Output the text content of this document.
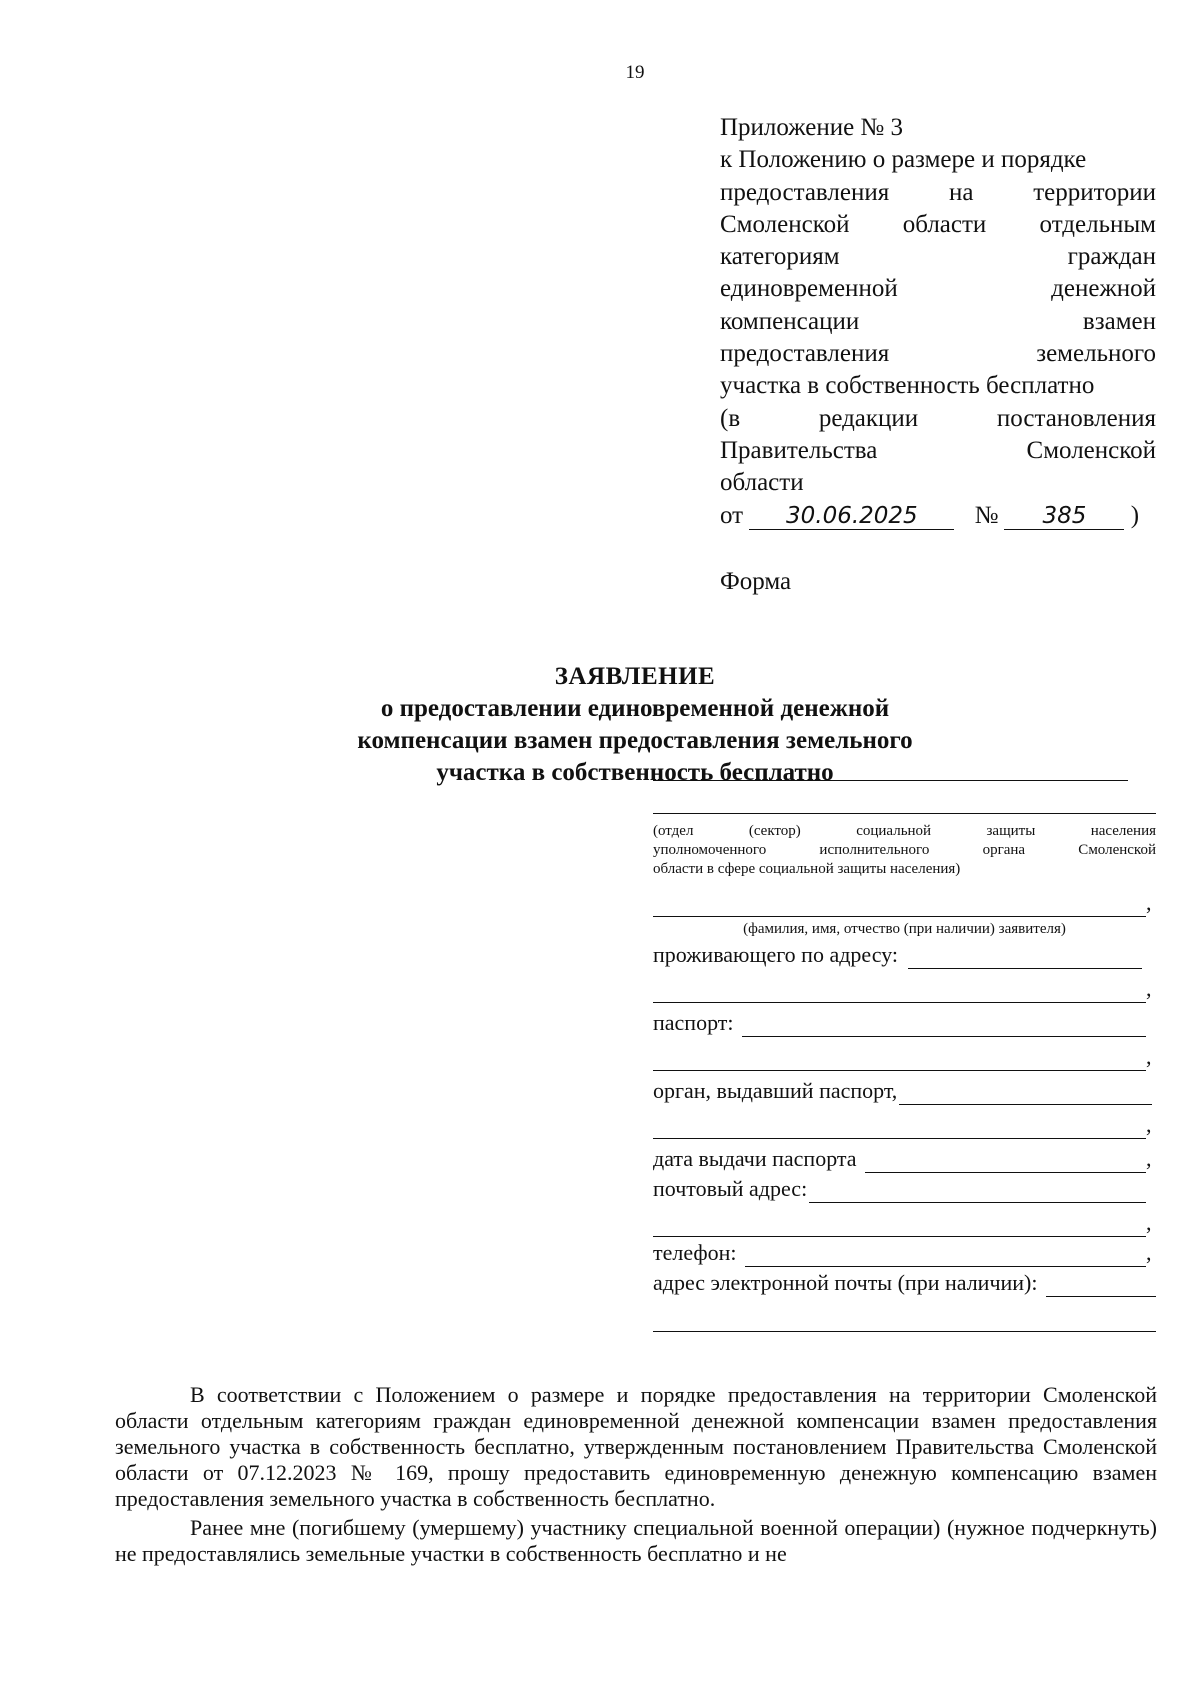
19
Приложение № 3
к Положению о размере и порядке
предоставления на территории
Смоленской области отдельным
категориям граждан
единовременной денежной
компенсации взамен
предоставления земельного
участка в собственность бесплатно
(в редакции постановления
Правительства Смоленской
области
от 30.06.2025 № 385 )
Форма
ЗАЯВЛЕНИЕ
о предоставлении единовременной денежной
компенсации взамен предоставления земельного
участка в собственность бесплатно
(отдел (сектор) социальной защиты населения
уполномоченного исполнительного органа Смоленской
области в сфере социальной защиты населения)
,
(фамилия, имя, отчество (при наличии) заявителя)
проживающего по адресу:
,
паспорт:
,
орган, выдавший паспорт,
,
дата выдачи паспорта	,
почтовый адрес:
,
телефон:	,
адрес электронной почты (при наличии):

В соответствии с Положением о размере и порядке предоставления на территории Смоленской области отдельным категориям граждан единовременной денежной компенсации взамен предоставления земельного участка в собственность бесплатно, утвержденным постановлением Правительства Смоленской области от 07.12.2023 № 169, прошу предоставить единовременную денежную компенсацию взамен предоставления земельного участка в собственность бесплатно.

Ранее мне (погибшему (умершему) участнику специальной военной операции) (нужное подчеркнуть) не предоставлялись земельные участки в собственность бесплатно и не
